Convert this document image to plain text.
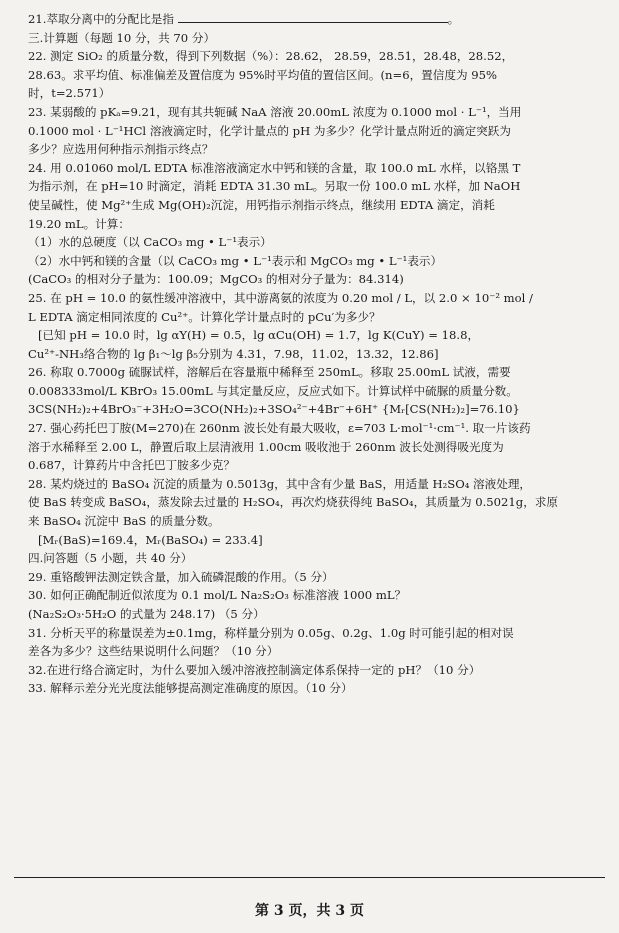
21.萃取分离中的分配比是指	。

三.计算题（每题 10 分，共 70 分）

22. 测定 SiO₂ 的质量分数，得到下列数据（%）：28.62， 28.59，28.51，28.48，28.52，

28.63。求平均值、标准偏差及置信度为 95%时平均值的置信区间。(n=6，置信度为 95%

时，t=2.571）

23. 某弱酸的 pKₐ=9.21，现有其共轭碱 NaA 溶液 20.00mL 浓度为 0.1000 mol · L⁻¹，当用

0.1000 mol · L⁻¹HCl 溶液滴定时，化学计量点的 pH 为多少？化学计量点附近的滴定突跃为

多少？应选用何种指示剂指示终点？

24. 用 0.01060 mol/L EDTA 标准溶液滴定水中钙和镁的含量，取 100.0 mL 水样，以铬黑 T

为指示剂，在 pH=10 时滴定，消耗 EDTA 31.30 mL。另取一份 100.0 mL 水样，加 NaOH

使呈碱性，使 Mg²⁺生成 Mg(OH)₂沉淀，用钙指示剂指示终点，继续用 EDTA 滴定，消耗

19.20 mL。计算：

（1）水的总硬度（以 CaCO₃ mg • L⁻¹表示）

（2）水中钙和镁的含量（以 CaCO₃ mg • L⁻¹表示和 MgCO₃ mg • L⁻¹表示）

(CaCO₃ 的相对分子量为：100.09；MgCO₃ 的相对分子量为：84.314)

25. 在 pH = 10.0 的氨性缓冲溶液中，其中游离氨的浓度为 0.20 mol / L，以 2.0 × 10⁻² mol /

L EDTA 滴定相同浓度的 Cu²⁺。计算化学计量点时的 pCu′为多少？

[已知 pH = 10.0 时，lg αY(H) = 0.5，lg αCu(OH) = 1.7，lg K(CuY) = 18.8，

Cu²⁺-NH₃络合物的 lg β₁～lg β₅分别为 4.31，7.98，11.02，13.32，12.86]

26. 称取 0.7000g 硫脲试样，溶解后在容量瓶中稀释至 250mL。移取 25.00mL 试液，需要

0.008333mol/L KBrO₃ 15.00mL 与其定量反应，反应式如下。计算试样中硫脲的质量分数。

3CS(NH₂)₂+4BrO₃⁻+3H₂O=3CO(NH₂)₂+3SO₄²⁻+4Br⁻+6H⁺ {Mᵣ[CS(NH₂)₂]=76.10}

27. 强心药托巴丁胺(M=270)在 260nm 波长处有最大吸收，ε=703 L·mol⁻¹·cm⁻¹. 取一片该药

溶于水稀释至 2.00 L，静置后取上层清液用 1.00cm 吸收池于 260nm 波长处测得吸光度为

0.687，计算药片中含托巴丁胺多少克？

28. 某灼烧过的 BaSO₄ 沉淀的质量为 0.5013g，其中含有少量 BaS，用适量 H₂SO₄ 溶液处理，

使 BaS 转变成 BaSO₄，蒸发除去过量的 H₂SO₄，再次灼烧获得纯 BaSO₄，其质量为 0.5021g，求原

来 BaSO₄ 沉淀中 BaS 的质量分数。

[Mᵣ(BaS)=169.4，Mᵣ(BaSO₄) = 233.4]

四.问答题（5 小题，共 40 分）

29. 重铬酸钾法测定铁含量，加入硫磷混酸的作用。（5 分）

30. 如何正确配制近似浓度为 0.1 mol/L Na₂S₂O₃ 标准溶液 1000 mL？

(Na₂S₂O₃·5H₂O 的式量为 248.17) （5 分）

31. 分析天平的称量误差为±0.1mg，称样量分别为 0.05g、0.2g、1.0g 时可能引起的相对误

差各为多少？这些结果说明什么问题？（10 分）

32.在进行络合滴定时，为什么要加入缓冲溶液控制滴定体系保持一定的 pH？（10 分）

33. 解释示差分光光度法能够提高测定准确度的原因。（10 分）

第 3 页，共 3 页
